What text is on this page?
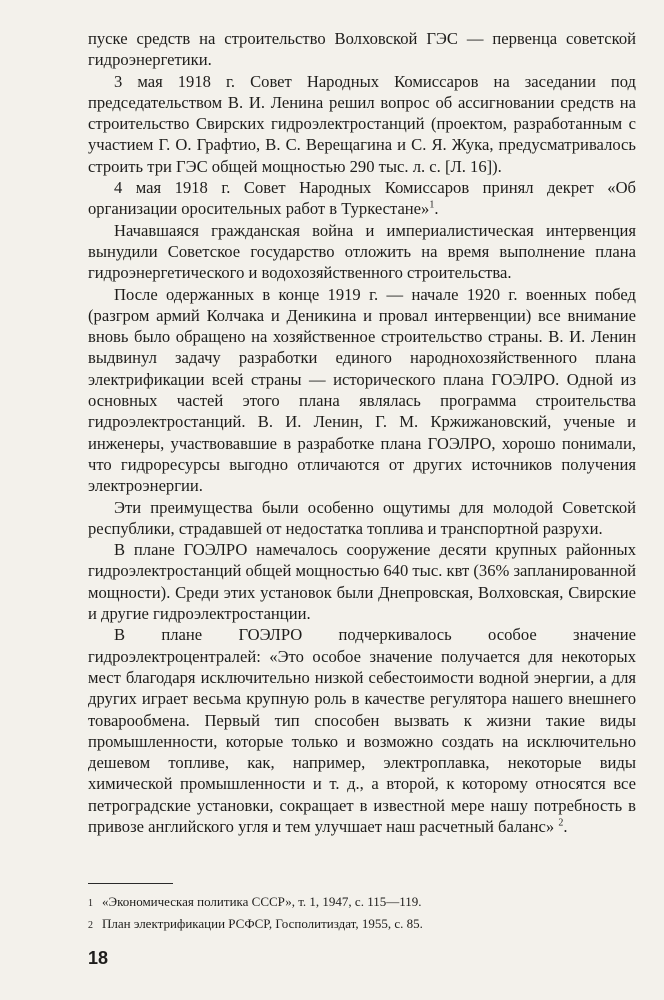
пуске средств на строительство Волховской ГЭС — первенца советской гидроэнергетики.

3 мая 1918 г. Совет Народных Комиссаров на заседании под председательством В. И. Ленина решил вопрос об ассигновании средств на строительство Свирских гидроэлектростанций (проектом, разработанным с участием Г. О. Графтио, В. С. Верещагина и С. Я. Жука, предусматривалось строить три ГЭС общей мощностью 290 тыс. л. с. [Л. 16]).

4 мая 1918 г. Совет Народных Комиссаров принял декрет «Об организации оросительных работ в Туркестане»$^1$.

Начавшаяся гражданская война и империалистическая интервенция вынудили Советское государство отложить на время выполнение плана гидроэнергетического и водохозяйственного строительства.

После одержанных в конце 1919 г. — начале 1920 г. военных побед (разгром армий Колчака и Деникина и провал интервенции) все внимание вновь было обращено на хозяйственное строительство страны. В. И. Ленин выдвинул задачу разработки единого народнохозяйственного плана электрификации всей страны — исторического плана ГОЭЛРО. Одной из основных частей этого плана являлась программа строительства гидроэлектростанций. В. И. Ленин, Г. М. Кржижановский, ученые и инженеры, участвовавшие в разработке плана ГОЭЛРО, хорошо понимали, что гидроресурсы выгодно отличаются от других источников получения электроэнергии.

Эти преимущества были особенно ощутимы для молодой Советской республики, страдавшей от недостатка топлива и транспортной разрухи.

В плане ГОЭЛРО намечалось сооружение десяти крупных районных гидроэлектростанций общей мощностью 640 тыс. квт (36% запланированной мощности). Среди этих установок были Днепровская, Волховская, Свирские и другие гидроэлектростанции.

В плане ГОЭЛРО подчеркивалось особое значение гидроэлектроцентралей: «Это особое значение получается для некоторых мест благодаря исключительно низкой себестоимости водной энергии, а для других играет весьма крупную роль в качестве регулятора нашего внешнего товарообмена. Первый тип способен вызвать к жизни такие виды промышленности, которые только и возможно создать на исключительно дешевом топливе, как, например, электроплавка, некоторые виды химической промышленности и т. д., а второй, к которому относятся все петроградские установки, сокращает в известной мере нашу потребность в привозе английского угля и тем улучшает наш расчетный баланс» $^2$.

1 «Экономическая политика СССР», т. 1, 1947, с. 115—119.

2 План электрификации РСФСР, Госполитиздат, 1955, с. 85.

18
